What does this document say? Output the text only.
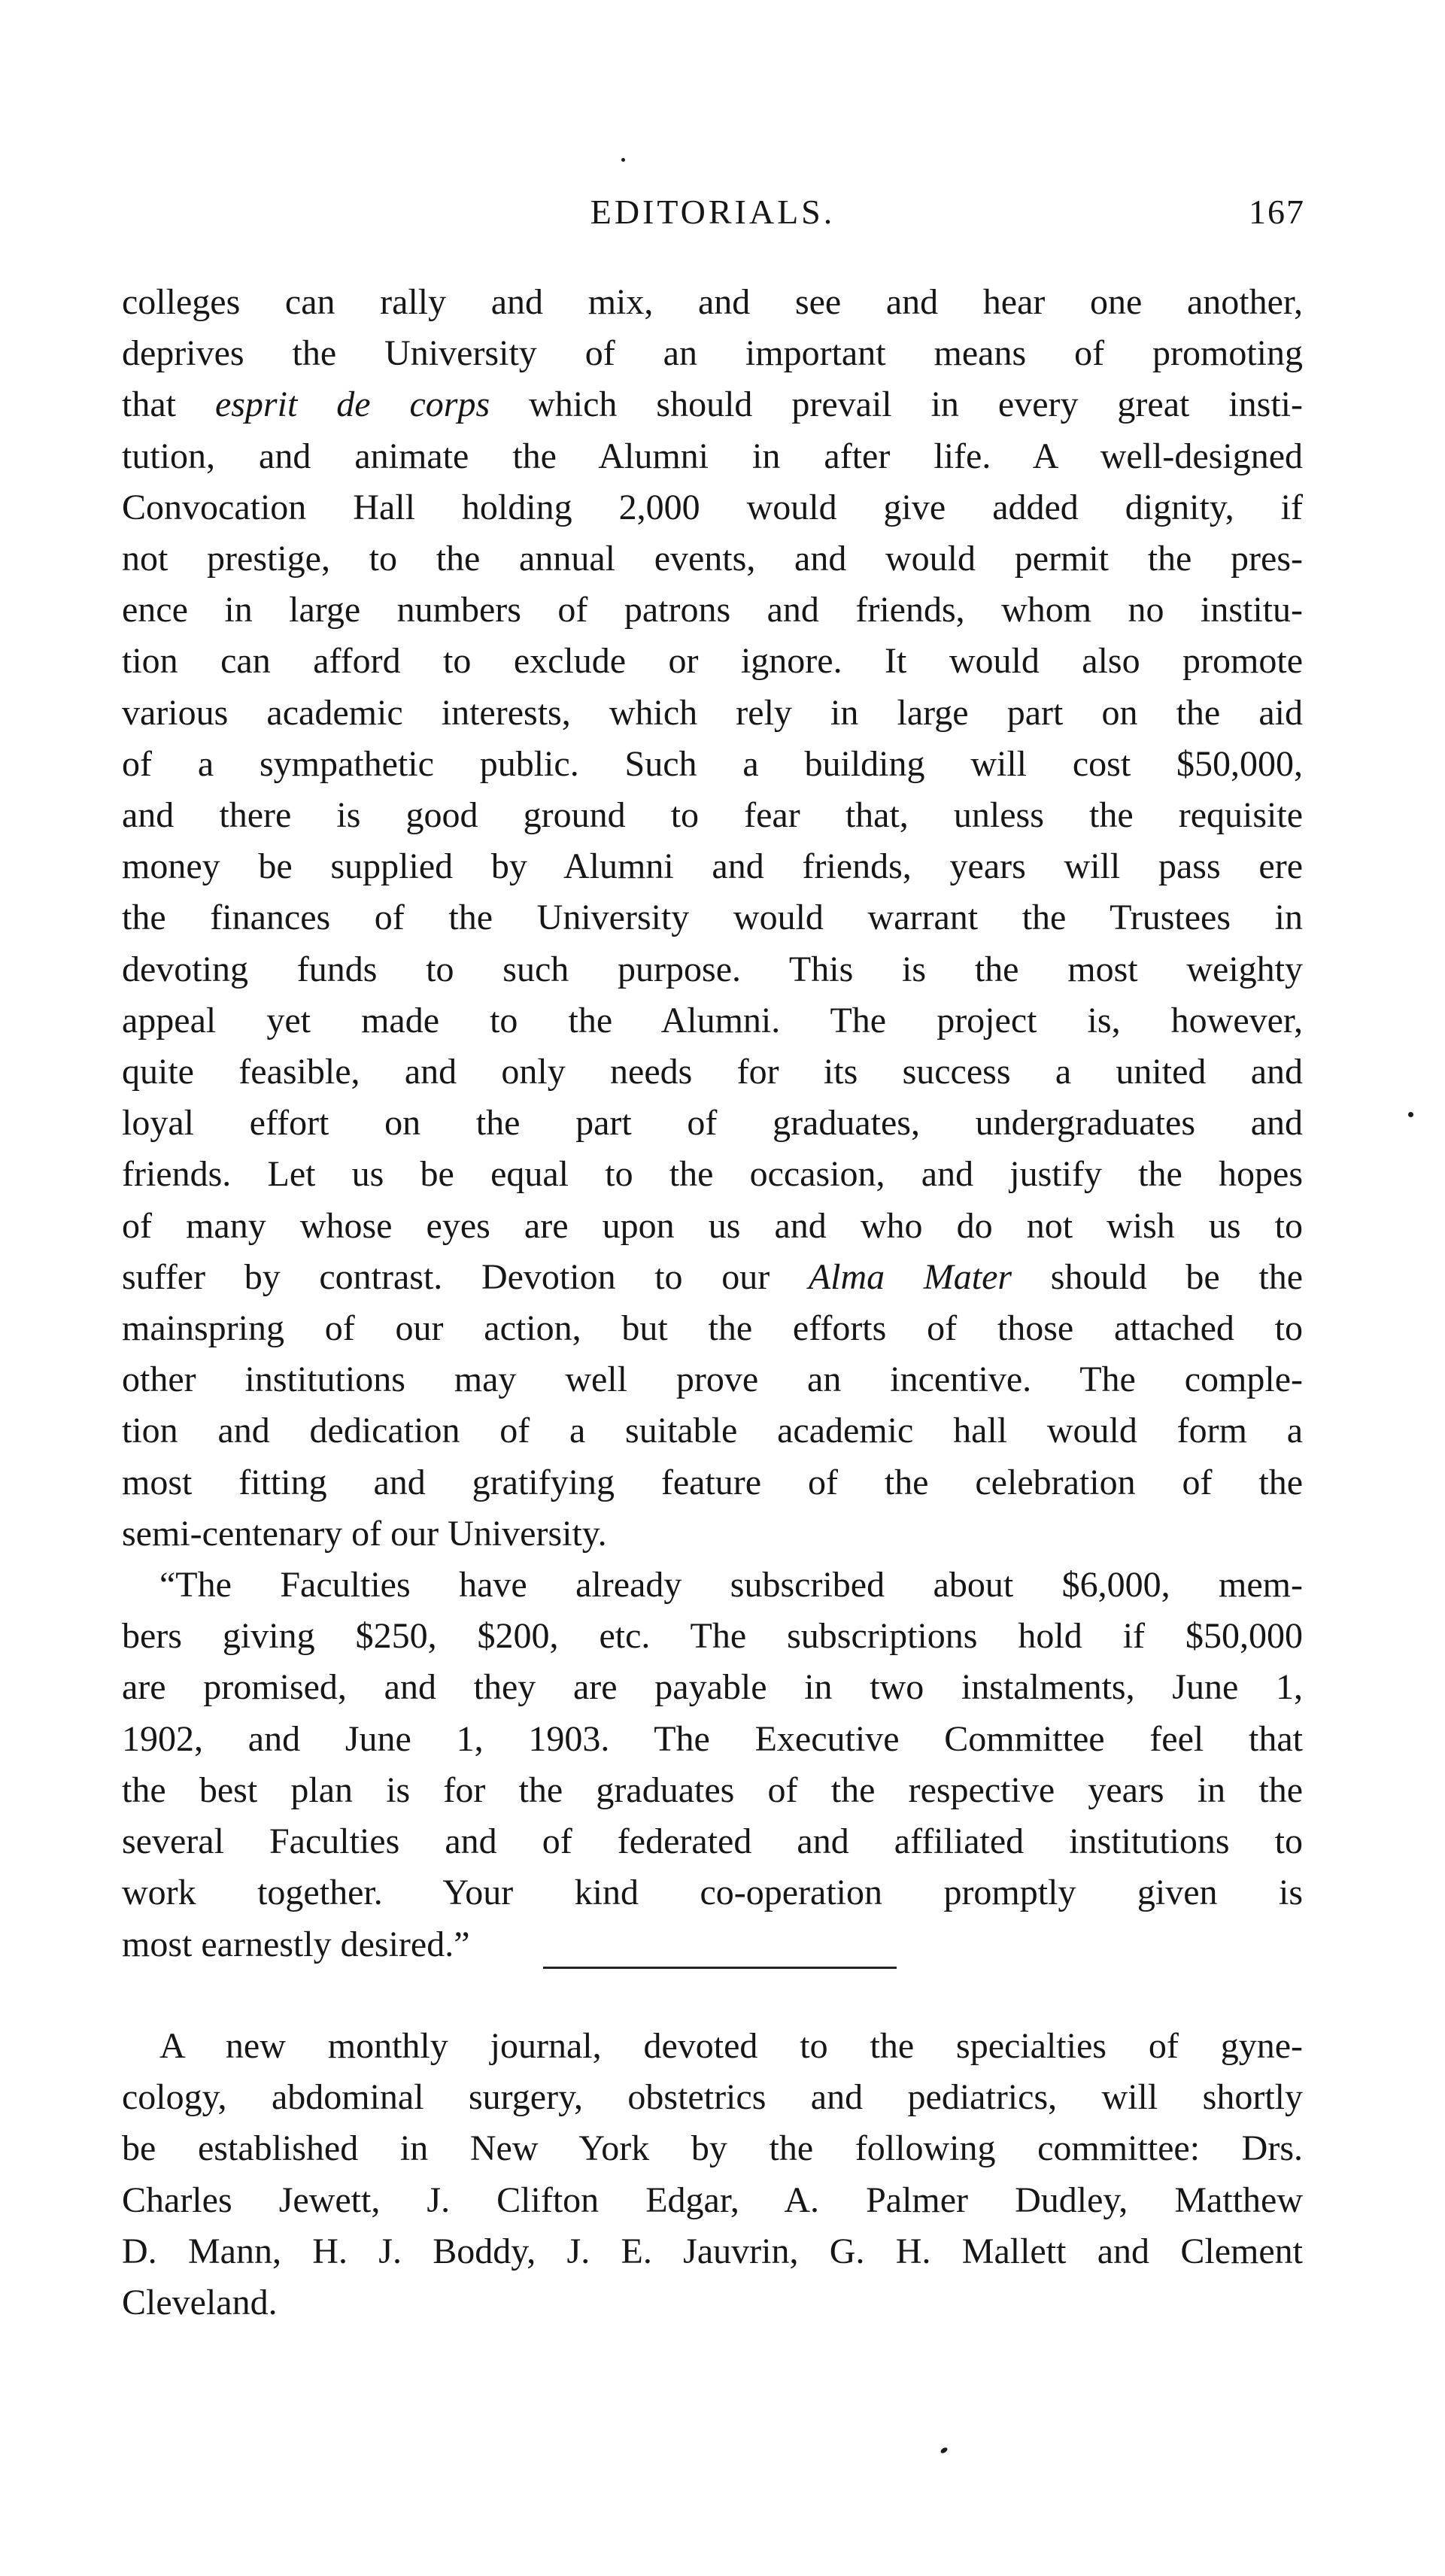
EDITORIALS.	167
colleges can rally and mix, and see and hear one another,
deprives the University of an important means of promoting
that esprit de corps which should prevail in every great insti-
tution, and animate the Alumni in after life. A well-designed
Convocation Hall holding 2,000 would give added dignity, if
not prestige, to the annual events, and would permit the pres-
ence in large numbers of patrons and friends, whom no institu-
tion can afford to exclude or ignore. It would also promote
various academic interests, which rely in large part on the aid
of a sympathetic public. Such a building will cost $50,000,
and there is good ground to fear that, unless the requisite
money be supplied by Alumni and friends, years will pass ere
the finances of the University would warrant the Trustees in
devoting funds to such purpose. This is the most weighty
appeal yet made to the Alumni. The project is, however,
quite feasible, and only needs for its success a united and
loyal effort on the part of graduates, undergraduates and
friends. Let us be equal to the occasion, and justify the hopes
of many whose eyes are upon us and who do not wish us to
suffer by contrast. Devotion to our Alma Mater should be the
mainspring of our action, but the efforts of those attached to
other institutions may well prove an incentive. The comple-
tion and dedication of a suitable academic hall would form a
most fitting and gratifying feature of the celebration of the
semi-centenary of our University.
“The Faculties have already subscribed about $6,000, mem-
bers giving $250, $200, etc. The subscriptions hold if $50,000
are promised, and they are payable in two instalments, June 1,
1902, and June 1, 1903. The Executive Committee feel that
the best plan is for the graduates of the respective years in the
several Faculties and of federated and affiliated institutions to
work together. Your kind co-operation promptly given is
most earnestly desired.”
A new monthly journal, devoted to the specialties of gyne-
cology, abdominal surgery, obstetrics and pediatrics, will shortly
be established in New York by the following committee: Drs.
Charles Jewett, J. Clifton Edgar, A. Palmer Dudley, Matthew
D. Mann, H. J. Boddy, J. E. Jauvrin, G. H. Mallett and Clement
Cleveland.
